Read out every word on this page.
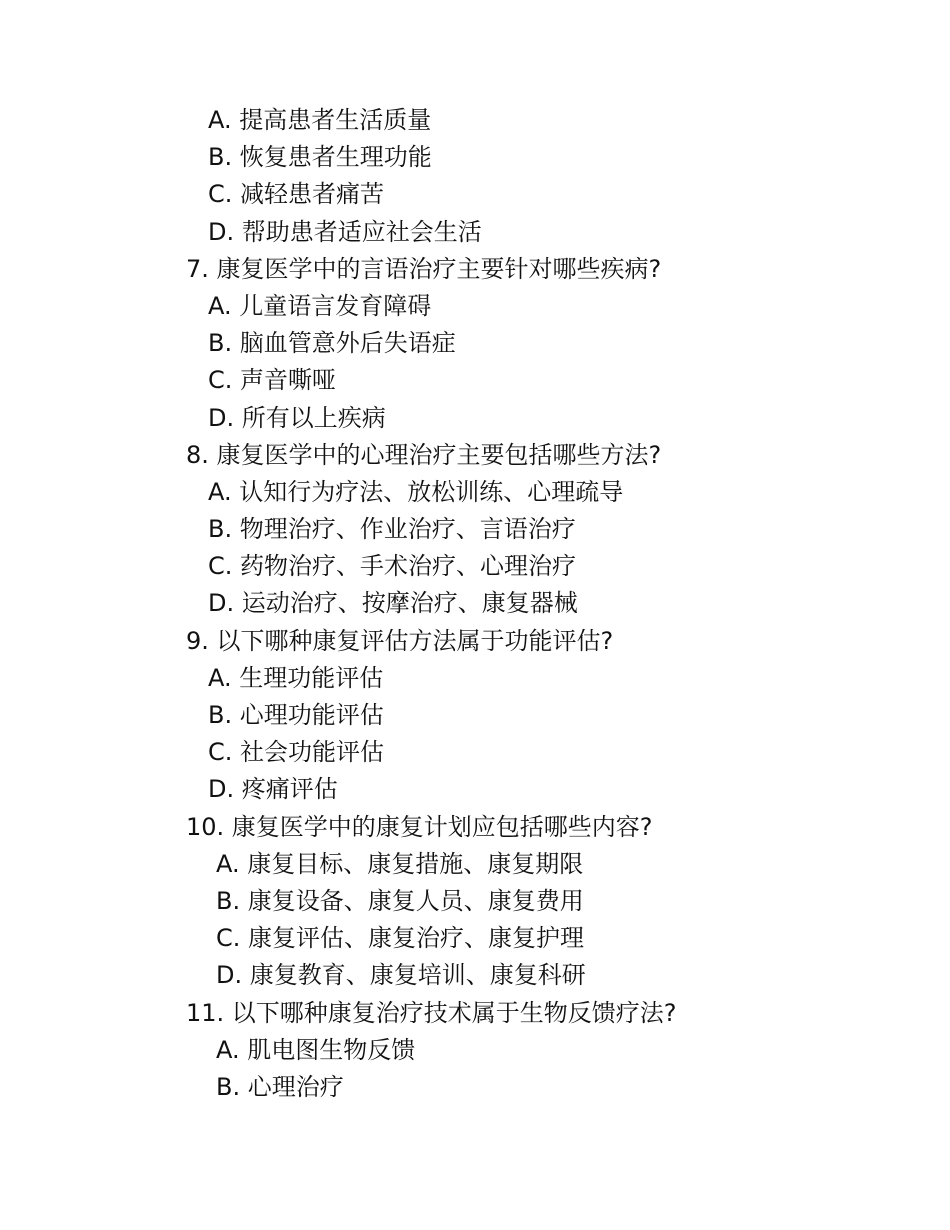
A. 提高患者生活质量
B. 恢复患者生理功能
C. 减轻患者痛苦
D. 帮助患者适应社会生活
7. 康复医学中的言语治疗主要针对哪些疾病?
A. 儿童语言发育障碍
B. 脑血管意外后失语症
C. 声音嘶哑
D. 所有以上疾病
8. 康复医学中的心理治疗主要包括哪些方法?
A. 认知行为疗法、放松训练、心理疏导
B. 物理治疗、作业治疗、言语治疗
C. 药物治疗、手术治疗、心理治疗
D. 运动治疗、按摩治疗、康复器械
9. 以下哪种康复评估方法属于功能评估?
A. 生理功能评估
B. 心理功能评估
C. 社会功能评估
D. 疼痛评估
10. 康复医学中的康复计划应包括哪些内容?
A. 康复目标、康复措施、康复期限
B. 康复设备、康复人员、康复费用
C. 康复评估、康复治疗、康复护理
D. 康复教育、康复培训、康复科研
11. 以下哪种康复治疗技术属于生物反馈疗法?
A. 肌电图生物反馈
B. 心理治疗
